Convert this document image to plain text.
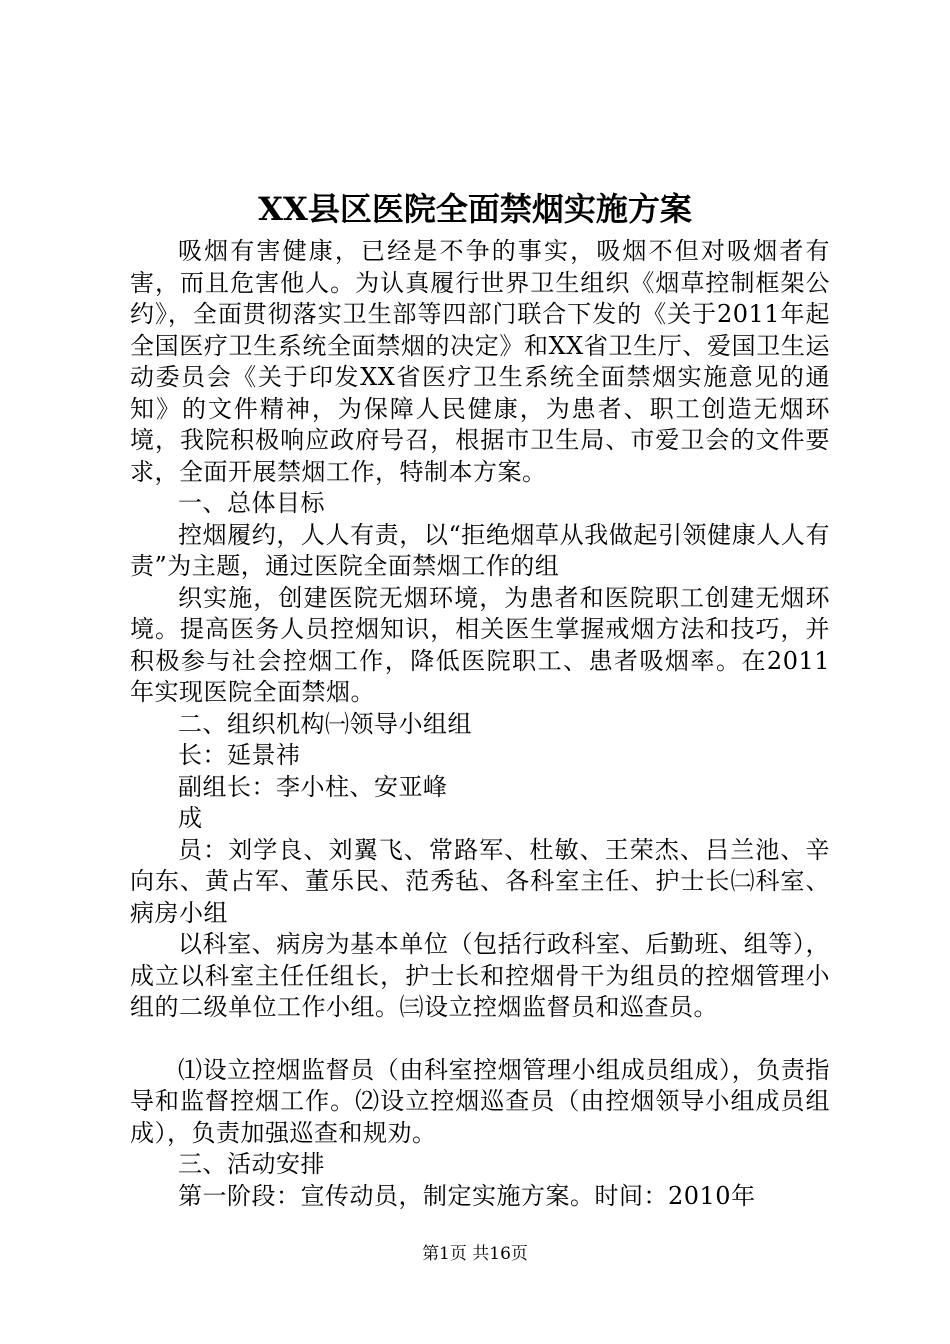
XX县区医院全面禁烟实施方案

吸烟有害健康，已经是不争的事实，吸烟不但对吸烟者有害，而且危害他人。为认真履行世界卫生组织《烟草控制框架公约》，全面贯彻落实卫生部等四部门联合下发的《关于2011年起全国医疗卫生系统全面禁烟的决定》和XX省卫生厅、爱国卫生运动委员会《关于印发XX省医疗卫生系统全面禁烟实施意见的通知》的文件精神，为保障人民健康，为患者、职工创造无烟环境，我院积极响应政府号召，根据市卫生局、市爱卫会的文件要求，全面开展禁烟工作，特制本方案。

一、总体目标

控烟履约，人人有责，以“拒绝烟草从我做起引领健康人人有责”为主题，通过医院全面禁烟工作的组

织实施，创建医院无烟环境，为患者和医院职工创建无烟环境。提高医务人员控烟知识，相关医生掌握戒烟方法和技巧，并积极参与社会控烟工作，降低医院职工、患者吸烟率。在2011年实现医院全面禁烟。

二、组织机构㈠领导小组组

长：延景祎

副组长：李小柱、安亚峰

成

员：刘学良、刘翼飞、常路军、杜敏、王荣杰、吕兰池、辛向东、黄占军、董乐民、范秀毡、各科室主任、护士长㈡科室、病房小组

以科室、病房为基本单位（包括行政科室、后勤班、组等），成立以科室主任任组长，护士长和控烟骨干为组员的控烟管理小组的二级单位工作小组。㈢设立控烟监督员和巡查员。

⑴设立控烟监督员（由科室控烟管理小组成员组成），负责指导和监督控烟工作。⑵设立控烟巡查员（由控烟领导小组成员组成），负责加强巡查和规劝。

三、活动安排

第一阶段：宣传动员，制定实施方案。时间：2010年

第1页 共16页
